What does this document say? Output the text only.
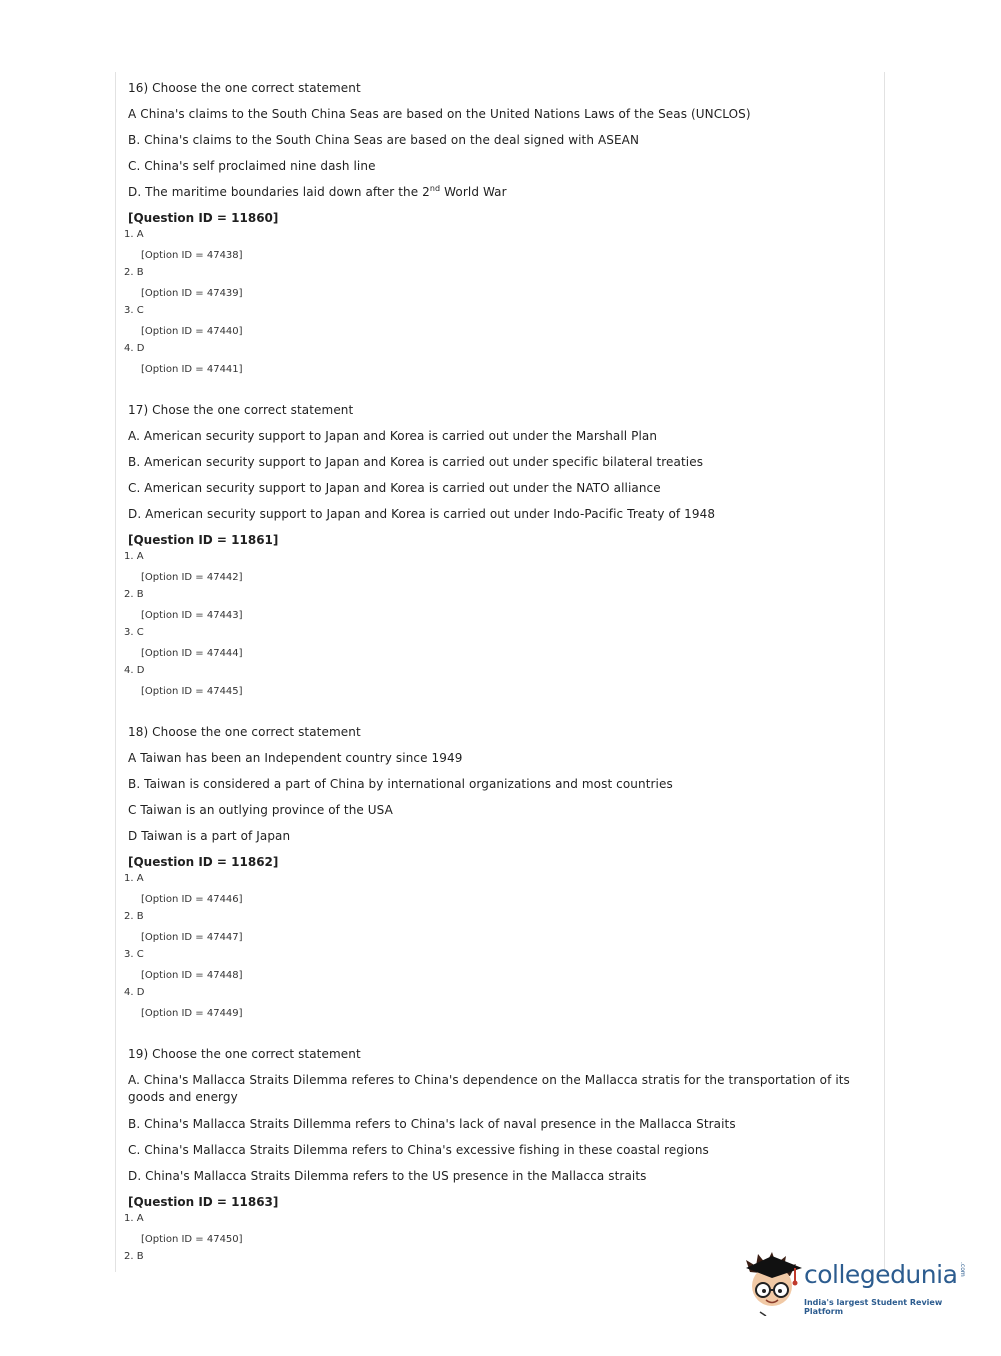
16) Choose the one correct statement
A China's claims to the South China Seas are based on the United Nations Laws of the Seas (UNCLOS)
B. China's claims to the South China Seas are based on the deal signed with ASEAN
C. China's self proclaimed nine dash line
D. The maritime boundaries laid down after the 2nd World War
[Question ID = 11860]
1. A
[Option ID = 47438]
2. B
[Option ID = 47439]
3. C
[Option ID = 47440]
4. D
[Option ID = 47441]
17) Chose the one correct statement
A. American security support to Japan and Korea is carried out under the Marshall Plan
B. American security support to Japan and Korea is carried out under specific bilateral treaties
C. American security support to Japan and Korea is carried out under the NATO alliance
D. American security support to Japan and Korea is carried out under Indo-Pacific Treaty of 1948
[Question ID = 11861]
1. A
[Option ID = 47442]
2. B
[Option ID = 47443]
3. C
[Option ID = 47444]
4. D
[Option ID = 47445]
18) Choose the one correct statement
A Taiwan has been an Independent country since 1949
B. Taiwan is considered a part of China by international organizations and most countries
C Taiwan is an outlying province of the USA
D Taiwan is a part of Japan
[Question ID = 11862]
1. A
[Option ID = 47446]
2. B
[Option ID = 47447]
3. C
[Option ID = 47448]
4. D
[Option ID = 47449]
19) Choose the one correct statement
A. China's Mallacca Straits Dilemma referes to China's dependence on the Mallacca stratis for the transportation of its goods and energy
B. China's Mallacca Straits Dillemma refers to China's lack of naval presence in the Mallacca Straits
C. China's Mallacca Straits Dilemma refers to China's excessive fishing in these coastal regions
D. China's Mallacca Straits Dilemma refers to the US presence in the Mallacca straits
[Question ID = 11863]
1. A
[Option ID = 47450]
2. B
collegedunia .com
India's largest Student Review Platform
